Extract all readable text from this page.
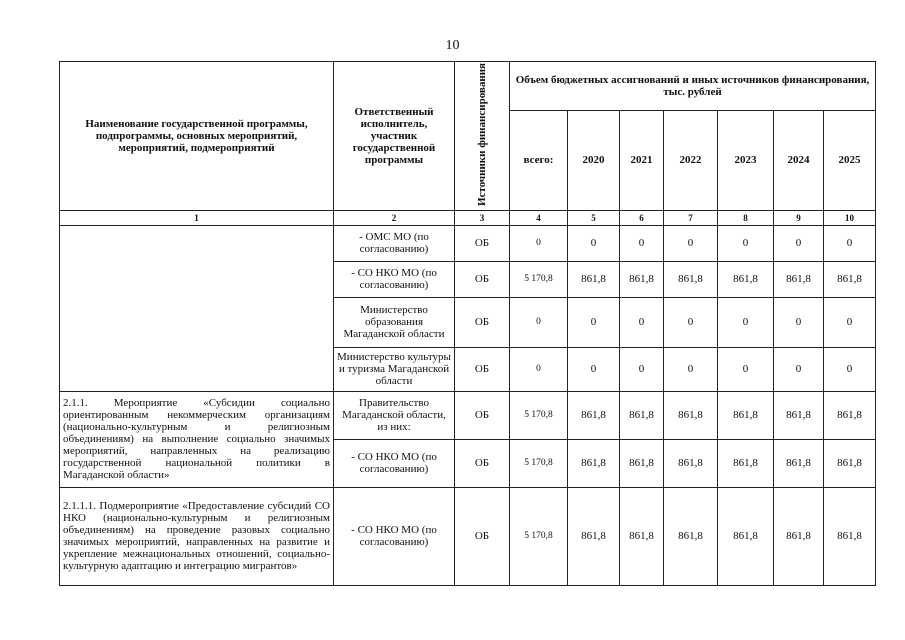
10
Наименование государственной программы, подпрограммы, основных мероприятий, мероприятий, подмероприятий	Ответственный исполнитель, участник государственной программы	Источники финансирования	Объем бюджетных ассигнований и иных источников финансирования, тыс. рублей						
			всего:	2020	2021	2022	2023	2024	2025
1	2	3	4	5	6	7	8	9	10
	- ОМС МО (по согласованию)	ОБ	0	0	0	0	0	0	0
	- СО НКО МО (по согласованию)	ОБ	5 170,8	861,8	861,8	861,8	861,8	861,8	861,8
	Министерство образования Магаданской области	ОБ	0	0	0	0	0	0	0
	Министерство культуры и туризма Магаданской области	ОБ	0	0	0	0	0	0	0
2.1.1. Мероприятие «Субсидии социально ориентированным некоммерческим организациям (национально-культурным и религиозным объединениям) на выполнение социально значимых мероприятий, направленных на реализацию государственной национальной политики в Магаданской области»	Правительство Магаданской области, из них:	ОБ	5 170,8	861,8	861,8	861,8	861,8	861,8	861,8
	- СО НКО МО (по согласованию)	ОБ	5 170,8	861,8	861,8	861,8	861,8	861,8	861,8
2.1.1.1. Подмероприятие «Предоставление субсидий СО НКО (национально-культурным и религиозным объединениям) на проведение разовых социально значимых мероприятий, направленных на развитие и укрепление межнациональных отношений, социально-культурную адаптацию и интеграцию мигрантов»	- СО НКО МО (по согласованию)	ОБ	5 170,8	861,8	861,8	861,8	861,8	861,8	861,8
